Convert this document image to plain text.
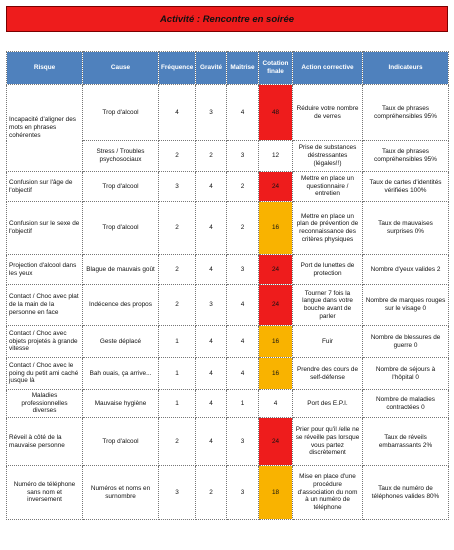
Activité : Rencontre en soirée
Risque	Cause	Fréquence	Gravité	Maîtrise	Cotation finale	Action corrective	Indicateurs
Incapacité d'aligner des mots en phrases cohérentes	Trop d'alcool	4	3	4	48	Réduire votre nombre de verres	Taux de phrases compréhensibles 95%
	Stress / Troubles psychosociaux	2	2	3	12	Prise de substances déstressantes (légales!!)	Taux de phrases compréhensibles 95%
Confusion sur l'âge de l'objectif	Trop d'alcool	3	4	2	24	Mettre en place un questionnaire / entretien	Taux de cartes d'identités vérifiées 100%
Confusion sur le sexe de l'objectif	Trop d'alcool	2	4	2	16	Mettre en place un plan de prévention de reconnaissance des critères physiques	Taux de mauvaises surprises 0%
Projection d'alcool dans les yeux	Blague de mauvais goût	2	4	3	24	Port de lunettes de protection	Nombre d'yeux valides 2
Contact / Choc avec plat de la main de la personne en face	Indécence des propos	2	3	4	24	Tourner 7 fois la langue dans votre bouche avant de parler	Nombre de marques rouges sur le visage 0
Contact / Choc avec objets projetés à grande vitesse	Geste déplacé	1	4	4	16	Fuir	Nombre de blessures de guerre 0
Contact / Choc avec le poing du petit ami caché jusque là	Bah ouais, ça arrive...	1	4	4	16	Prendre des cours de self-défense	Nombre de séjours à l'hôpital 0
Maladies professionnelles diverses	Mauvaise hygiène	1	4	1	4	Port des E.P.I.	Nombre de maladies contractées 0
Réveil à côté de la mauvaise personne	Trop d'alcool	2	4	3	24	Prier pour qu'il /elle ne se réveille pas lorsque vous partez discrètement	Taux de réveils embarrassants 2%
Numéro de téléphone sans nom et inversement	Numéros et noms en surnombre	3	2	3	18	Mise en place d'une procédure d'association du nom à un numéro de téléphone	Taux de numéro de téléphones valides 80%
